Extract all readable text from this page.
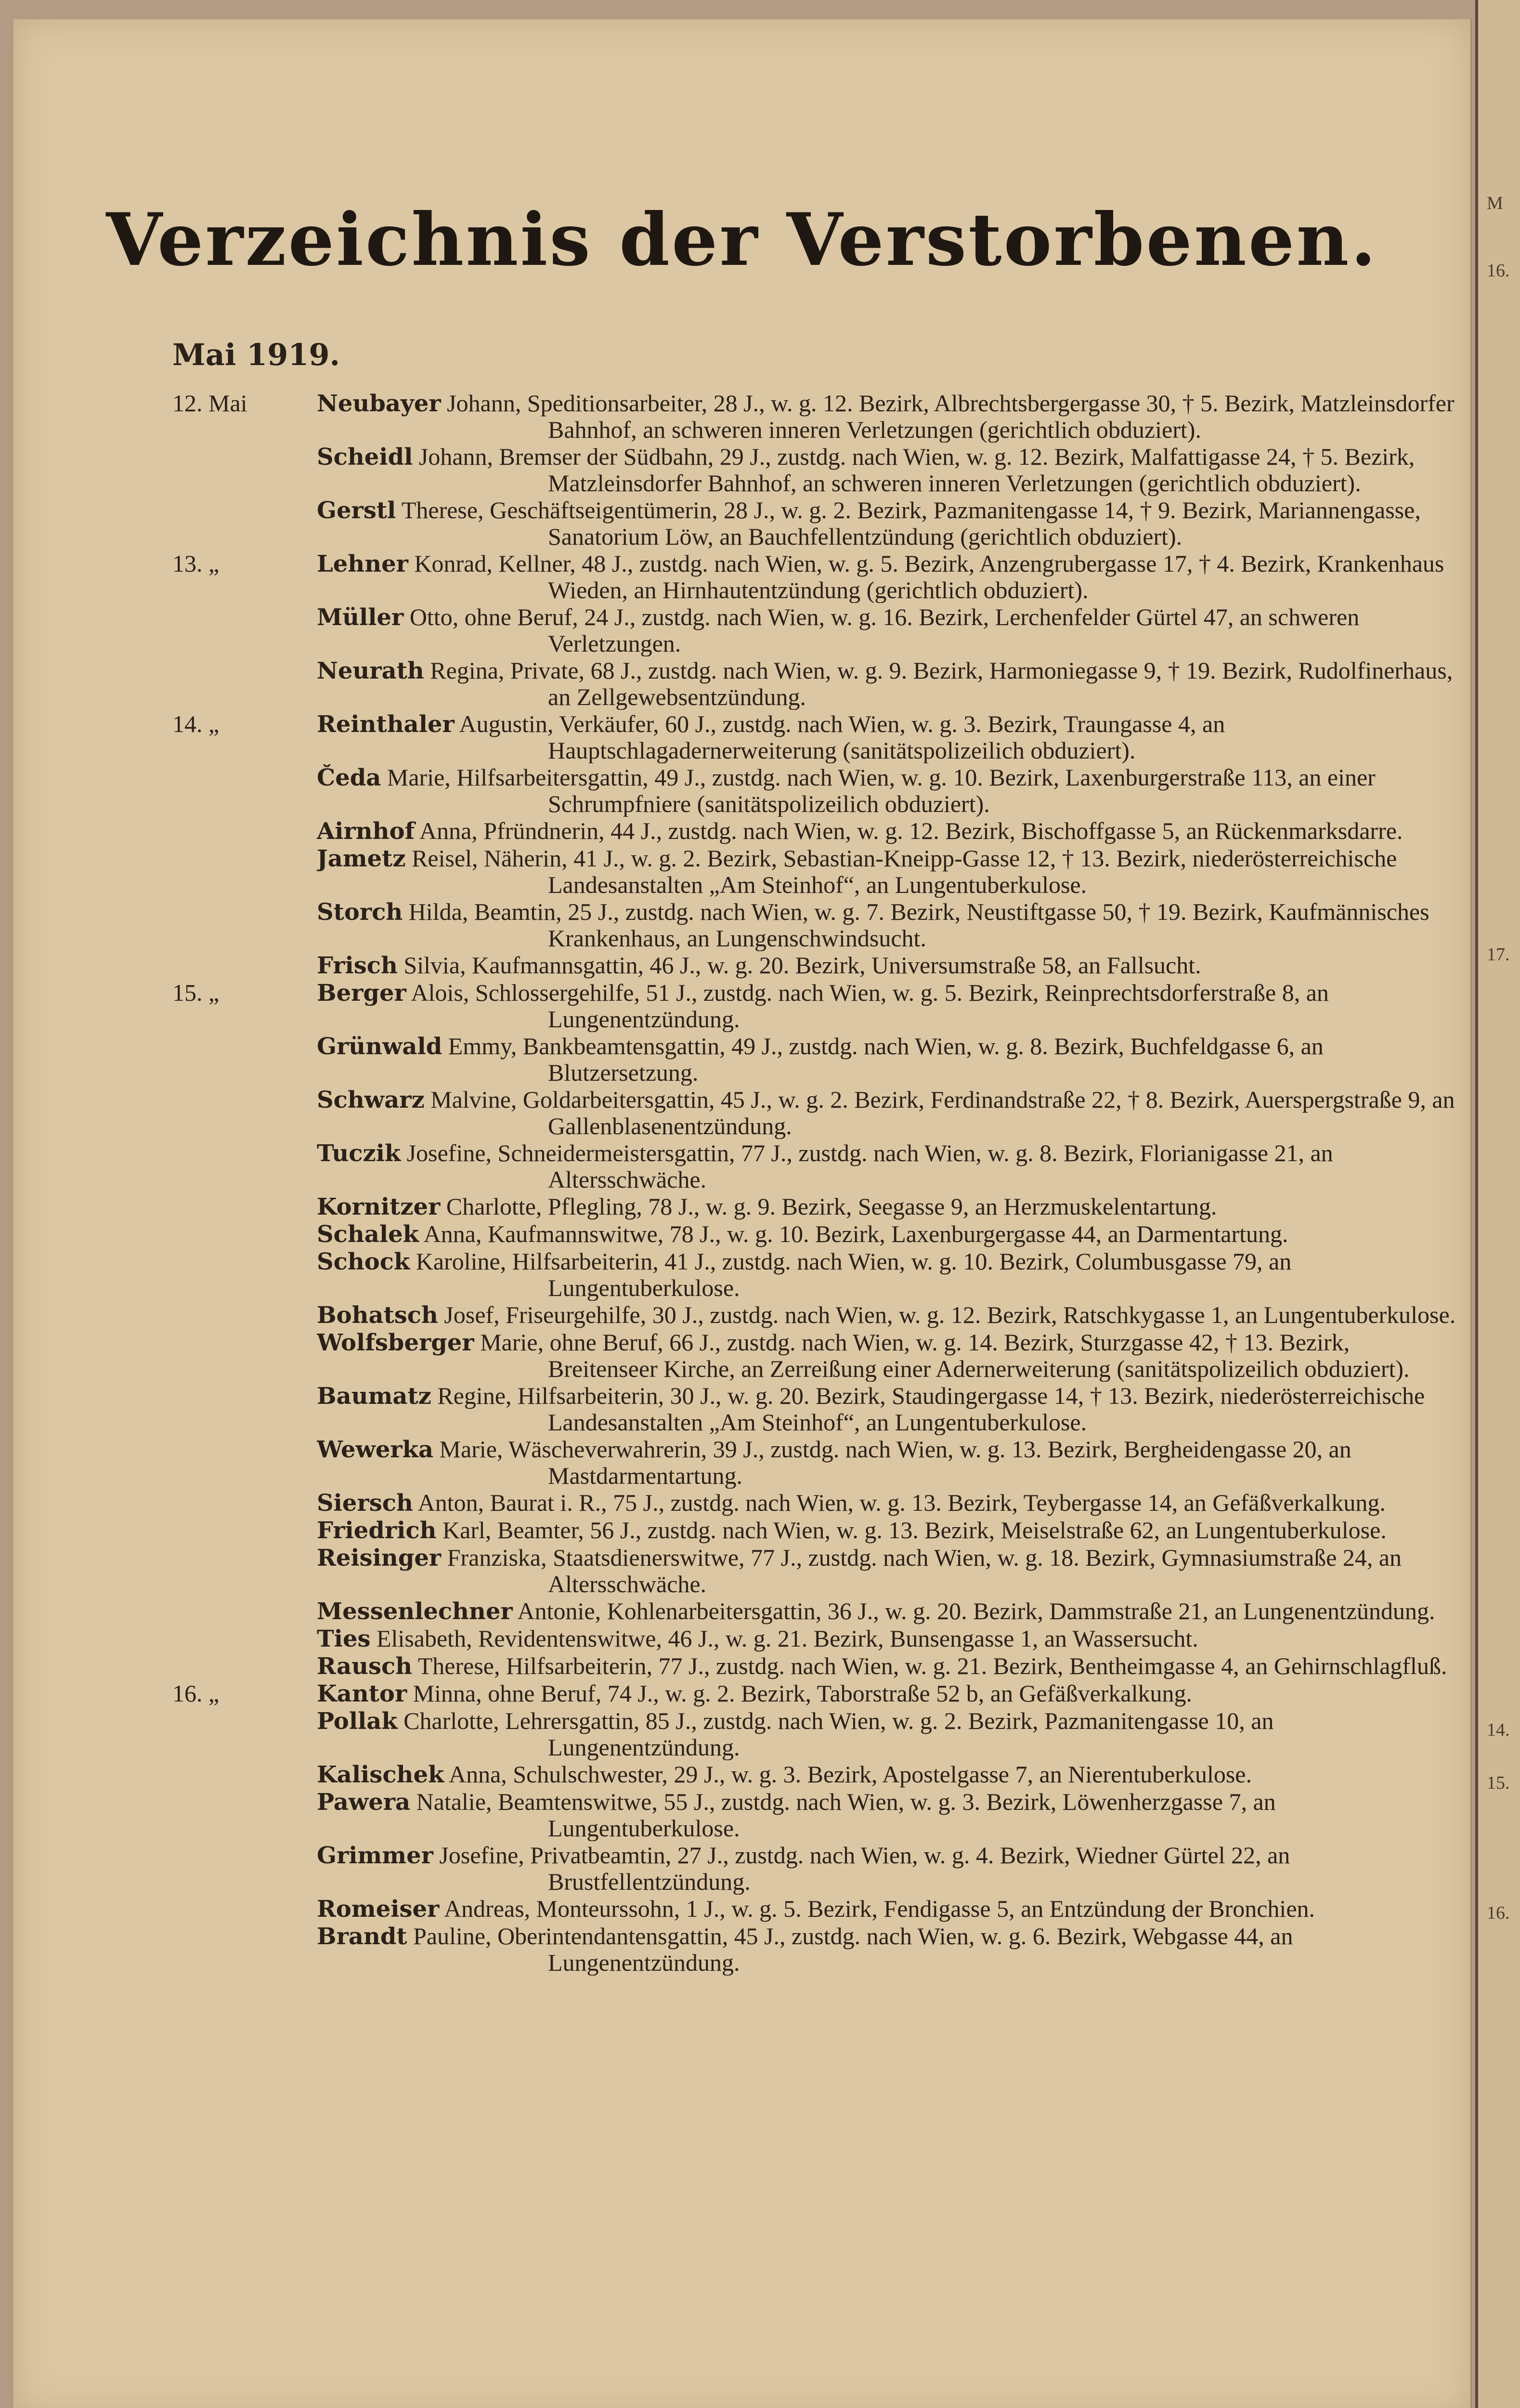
Verzeichnis der Verstorbenen.
Mai 1919.
12. Mai	Neubayer Johann, Speditionsarbeiter, 28 J., w. g. 12. Bezirk, Albrechtsbergergasse 30, † 5. Bezirk, Matzleinsdorfer Bahnhof, an schweren inneren Verletzungen (gerichtlich obduziert).
Scheidl Johann, Bremser der Südbahn, 29 J., zustdg. nach Wien, w. g. 12. Bezirk, Malfattigasse 24, † 5. Bezirk, Matzleinsdorfer Bahnhof, an schweren inneren Verletzungen (gerichtlich obduziert).
Gerstl Therese, Geschäftseigentümerin, 28 J., w. g. 2. Bezirk, Pazmanitengasse 14, † 9. Bezirk, Mariannengasse, Sanatorium Löw, an Bauchfellentzündung (gerichtlich obduziert).
13. „	Lehner Konrad, Kellner, 48 J., zustdg. nach Wien, w. g. 5. Bezirk, Anzengrubergasse 17, † 4. Bezirk, Krankenhaus Wieden, an Hirnhautentzündung (gerichtlich obduziert).
Müller Otto, ohne Beruf, 24 J., zustdg. nach Wien, w. g. 16. Bezirk, Lerchenfelder Gürtel 47, an schweren Verletzungen.
Neurath Regina, Private, 68 J., zustdg. nach Wien, w. g. 9. Bezirk, Harmoniegasse 9, † 19. Bezirk, Rudolfinerhaus, an Zellgewebsentzündung.
14. „	Reinthaler Augustin, Verkäufer, 60 J., zustdg. nach Wien, w. g. 3. Bezirk, Traungasse 4, an Hauptschlagadernerweiterung (sanitätspolizeilich obduziert).
Čeda Marie, Hilfsarbeitersgattin, 49 J., zustdg. nach Wien, w. g. 10. Bezirk, Laxenburgerstraße 113, an einer Schrumpfniere (sanitätspolizeilich obduziert).
Airnhof Anna, Pfründnerin, 44 J., zustdg. nach Wien, w. g. 12. Bezirk, Bischoffgasse 5, an Rückenmarksdarre.
Jametz Reisel, Näherin, 41 J., w. g. 2. Bezirk, Sebastian-Kneipp-Gasse 12, † 13. Bezirk, niederösterreichische Landesanstalten „Am Steinhof“, an Lungentuberkulose.
Storch Hilda, Beamtin, 25 J., zustdg. nach Wien, w. g. 7. Bezirk, Neustiftgasse 50, † 19. Bezirk, Kaufmännisches Krankenhaus, an Lungenschwindsucht.
Frisch Silvia, Kaufmannsgattin, 46 J., w. g. 20. Bezirk, Universumstraße 58, an Fallsucht.
15. „	Berger Alois, Schlossergehilfe, 51 J., zustdg. nach Wien, w. g. 5. Bezirk, Reinprechtsdorferstraße 8, an Lungenentzündung.
Grünwald Emmy, Bankbeamtensgattin, 49 J., zustdg. nach Wien, w. g. 8. Bezirk, Buchfeldgasse 6, an Blutzersetzung.
Schwarz Malvine, Goldarbeitersgattin, 45 J., w. g. 2. Bezirk, Ferdinandstraße 22, † 8. Bezirk, Auerspergstraße 9, an Gallenblasenentzündung.
Tuczik Josefine, Schneidermeistersgattin, 77 J., zustdg. nach Wien, w. g. 8. Bezirk, Florianigasse 21, an Altersschwäche.
Kornitzer Charlotte, Pflegling, 78 J., w. g. 9. Bezirk, Seegasse 9, an Herzmuskelentartung.
Schalek Anna, Kaufmannswitwe, 78 J., w. g. 10. Bezirk, Laxenburgergasse 44, an Darmentartung.
Schock Karoline, Hilfsarbeiterin, 41 J., zustdg. nach Wien, w. g. 10. Bezirk, Columbusgasse 79, an Lungentuberkulose.
Bohatsch Josef, Friseurgehilfe, 30 J., zustdg. nach Wien, w. g. 12. Bezirk, Ratschkygasse 1, an Lungentuberkulose.
Wolfsberger Marie, ohne Beruf, 66 J., zustdg. nach Wien, w. g. 14. Bezirk, Sturzgasse 42, † 13. Bezirk, Breitenseer Kirche, an Zerreißung einer Adernerweiterung (sanitätspolizeilich obduziert).
Baumatz Regine, Hilfsarbeiterin, 30 J., w. g. 20. Bezirk, Staudingergasse 14, † 13. Bezirk, niederösterreichische Landesanstalten „Am Steinhof“, an Lungentuberkulose.
Wewerka Marie, Wäscheverwahrerin, 39 J., zustdg. nach Wien, w. g. 13. Bezirk, Bergheidengasse 20, an Mastdarmentartung.
Siersch Anton, Baurat i. R., 75 J., zustdg. nach Wien, w. g. 13. Bezirk, Teybergasse 14, an Gefäßverkalkung.
Friedrich Karl, Beamter, 56 J., zustdg. nach Wien, w. g. 13. Bezirk, Meiselstraße 62, an Lungentuberkulose.
Reisinger Franziska, Staatsdienerswitwe, 77 J., zustdg. nach Wien, w. g. 18. Bezirk, Gymnasiumstraße 24, an Altersschwäche.
Messenlechner Antonie, Kohlenarbeitersgattin, 36 J., w. g. 20. Bezirk, Dammstraße 21, an Lungenentzündung.
Ties Elisabeth, Revidentenswitwe, 46 J., w. g. 21. Bezirk, Bunsengasse 1, an Wassersucht.
Rausch Therese, Hilfsarbeiterin, 77 J., zustdg. nach Wien, w. g. 21. Bezirk, Bentheimgasse 4, an Gehirnschlagfluß.
16. „	Kantor Minna, ohne Beruf, 74 J., w. g. 2. Bezirk, Taborstraße 52 b, an Gefäßverkalkung.
Pollak Charlotte, Lehrersgattin, 85 J., zustdg. nach Wien, w. g. 2. Bezirk, Pazmanitengasse 10, an Lungenentzündung.
Kalischek Anna, Schulschwester, 29 J., w. g. 3. Bezirk, Apostelgasse 7, an Nierentuberkulose.
Pawera Natalie, Beamtenswitwe, 55 J., zustdg. nach Wien, w. g. 3. Bezirk, Löwenherzgasse 7, an Lungentuberkulose.
Grimmer Josefine, Privatbeamtin, 27 J., zustdg. nach Wien, w. g. 4. Bezirk, Wiedner Gürtel 22, an Brustfellentzündung.
Romeiser Andreas, Monteurssohn, 1 J., w. g. 5. Bezirk, Fendigasse 5, an Entzündung der Bronchien.
Brandt Pauline, Oberintendantensgattin, 45 J., zustdg. nach Wien, w. g. 6. Bezirk, Webgasse 44, an Lungenentzündung.
M
16.
17.
14.
15.
16.
